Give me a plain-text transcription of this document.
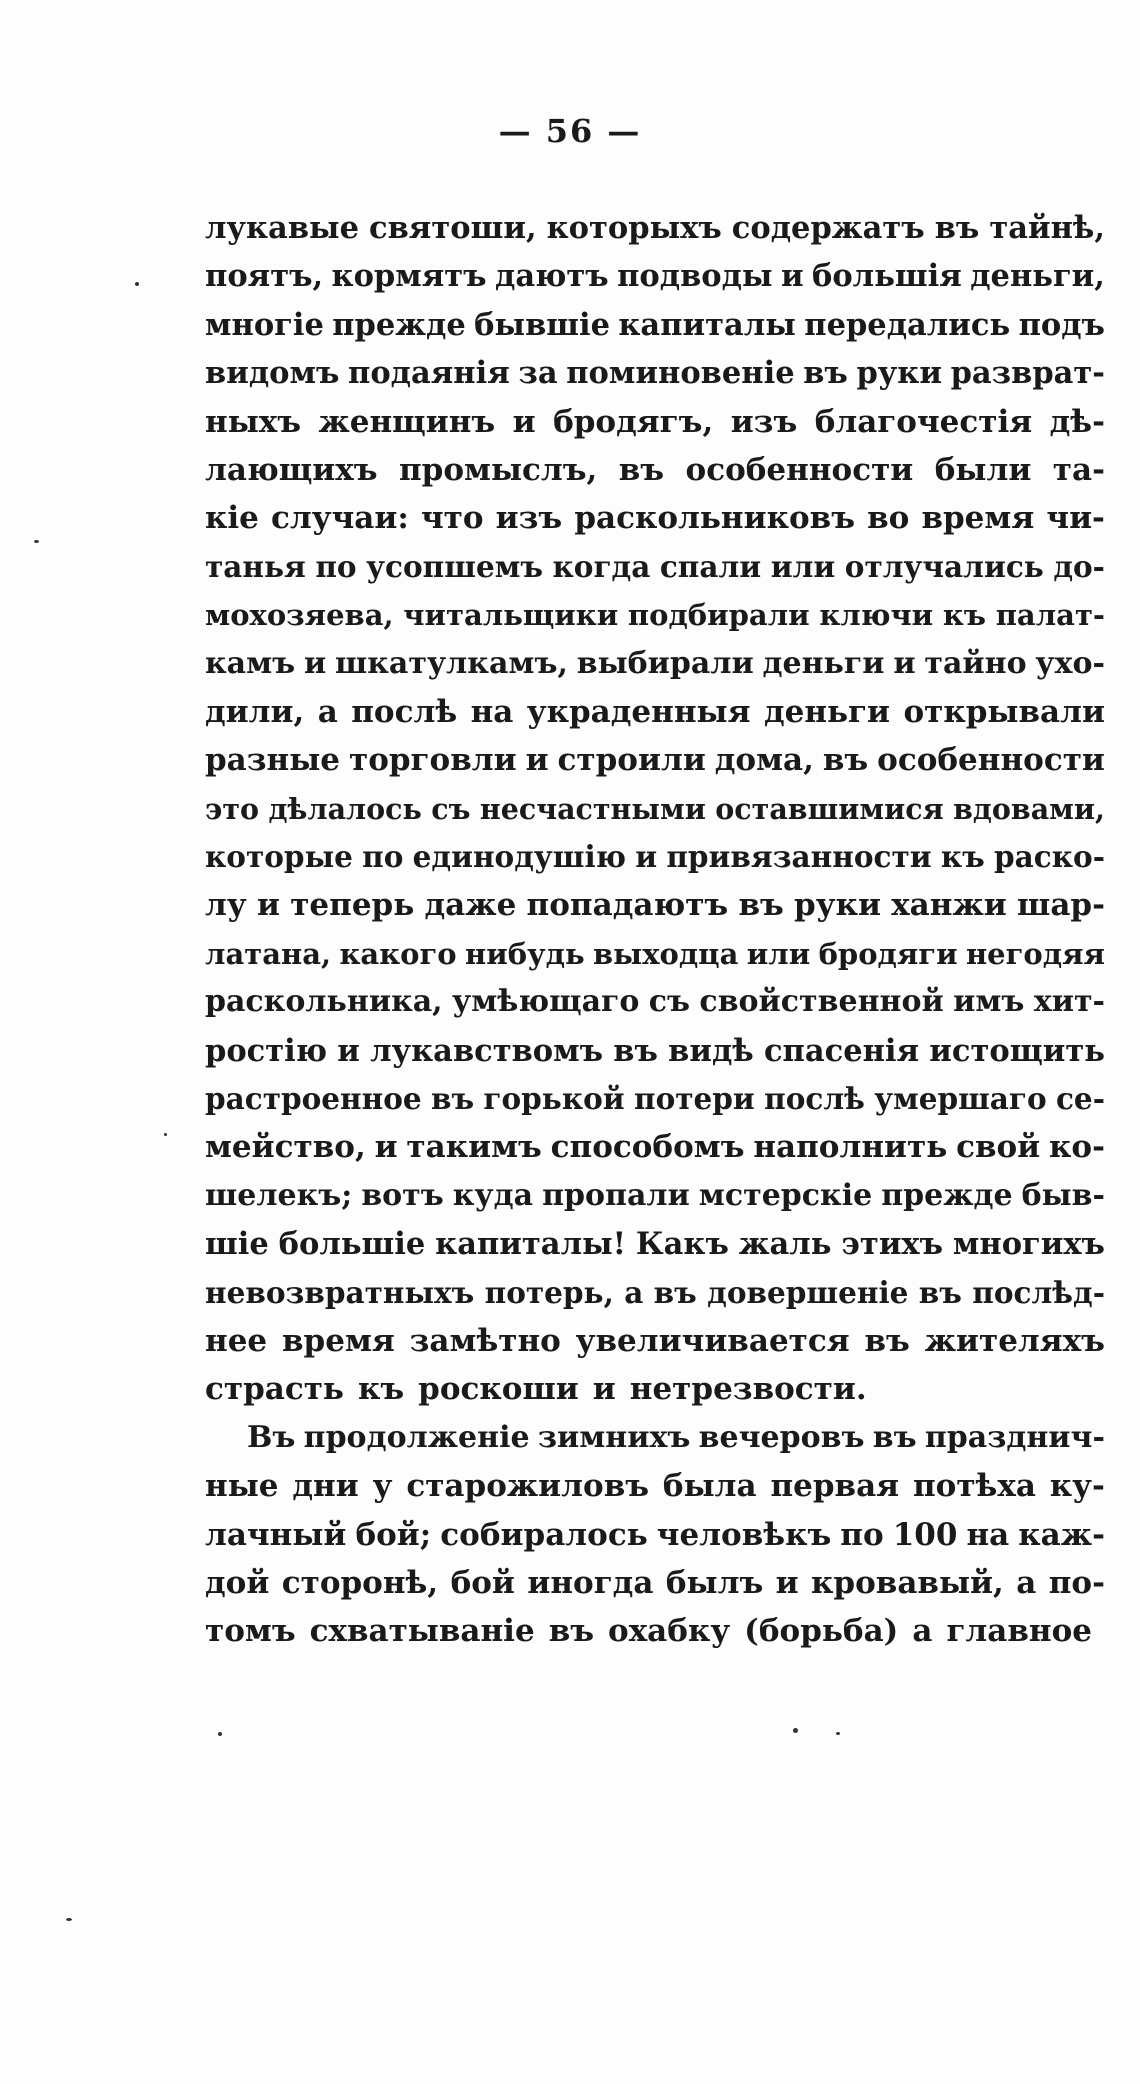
— 56 —
лукавые святоши, которыхъ содержатъ въ тайнѣ,
поятъ, кормятъ даютъ подводы и большія деньги,
многіе прежде бывшіе капиталы передались подъ
видомъ подаянія за поминовеніе въ руки разврат-
ныхъ женщинъ и бродягъ, изъ благочестія дѣ-
лающихъ промыслъ, въ особенности были та-
кіе случаи: что изъ раскольниковъ во время чи-
танья по усопшемъ когда спали или отлучались до-
мохозяева, читальщики подбирали ключи къ палат-
камъ и шкатулкамъ, выбирали деньги и тайно ухо-
дили, а послѣ на украденныя деньги открывали
разные торговли и строили дома, въ особенности
это дѣлалось съ несчастными оставшимися вдовами,
которые по единодушію и привязанности къ раско-
лу и теперь даже попадаютъ въ руки ханжи шар-
латана, какого нибудь выходца или бродяги негодяя
раскольника, умѣющаго съ свойственной имъ хит-
ростію и лукавствомъ въ видѣ спасенія истощить
растроенное въ горькой потери послѣ умершаго се-
мейство, и такимъ способомъ наполнить свой ко-
шелекъ; вотъ куда пропали мстерскіе прежде быв-
шіе большіе капиталы! Какъ жаль этихъ многихъ
невозвратныхъ потерь, а въ довершеніе въ послѣд-
нее время замѣтно увеличивается въ жителяхъ
страсть къ роскоши и нетрезвости.
Въ продолженіе зимнихъ вечеровъ въ празднич-
ные дни у старожиловъ была первая потѣха ку-
лачный бой; собиралось человѣкъ по 100 на каж-
дой сторонѣ, бой иногда былъ и кровавый, а по-
томъ схватываніе въ охабку (борьба) а главное
